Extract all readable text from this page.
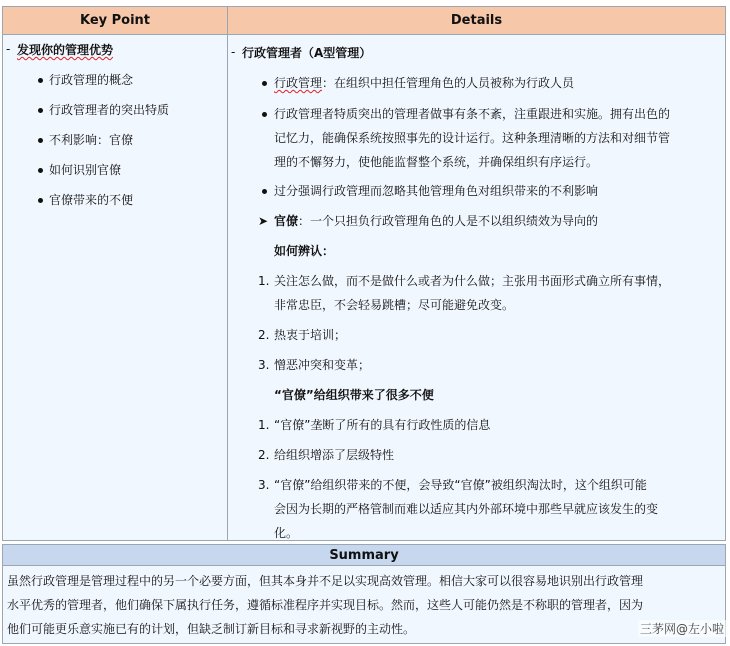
Key Point	Details
- 发现你的管理优势
行政管理的概念
行政管理者的突出特质
不利影响：官僚
如何识别官僚
官僚带来的不便
- 行政管理者（A型管理）
行政管理：在组织中担任管理角色的人员被称为行政人员
行政管理者特质突出的管理者做事有条不紊，注重跟进和实施。拥有出色的
记忆力，能确保系统按照事先的设计运行。这种条理清晰的方法和对细节管
理的不懈努力，使他能监督整个系统，并确保组织有序运行。
过分强调行政管理而忽略其他管理角色对组织带来的不利影响
➤ 官僚：一个只担负行政管理角色的人是不以组织绩效为导向的
如何辨认：
1. 关注怎么做，而不是做什么或者为什么做；主张用书面形式确立所有事情，
非常忠臣，不会轻易跳槽；尽可能避免改变。
2. 热衷于培训；
3. 憎恶冲突和变革；
“官僚”给组织带来了很多不便
1. “官僚”垄断了所有的具有行政性质的信息
2. 给组织增添了层级特性
3. “官僚”给组织带来的不便，会导致“官僚”被组织淘汰时，这个组织可能
会因为长期的严格管制而难以适应其内外部环境中那些早就应该发生的变
化。
Summary
虽然行政管理是管理过程中的另一个必要方面，但其本身并不足以实现高效管理。相信大家可以很容易地识别出行政管理
水平优秀的管理者，他们确保下属执行任务，遵循标准程序并实现目标。然而，这些人可能仍然是不称职的管理者，因为
他们可能更乐意实施已有的计划，但缺乏制订新目标和寻求新视野的主动性。	三茅网@左小啦
